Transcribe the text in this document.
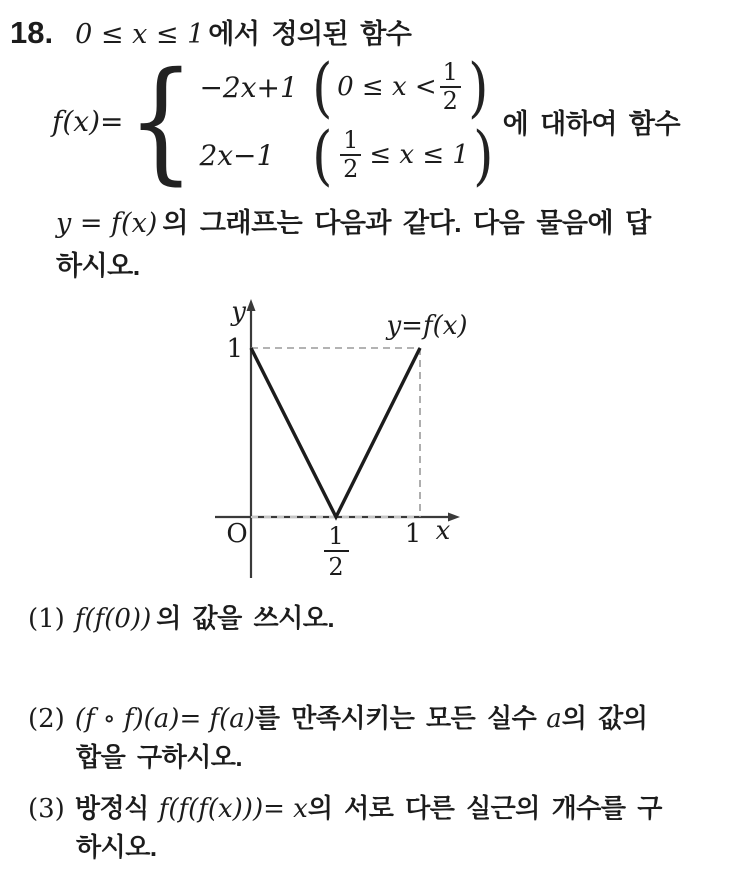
18. 0 ≤ x ≤ 1 에서 정의된 함수
f(x)= { −2x+1 ( $0 \le x < \frac{1}{2}$ )
2x−1 ( $\frac{1}{2} \le x \le 1$ ) 에 대하여 함수
y = f(x) 의 그래프는 다음과 같다. 다음 물음에 답
하시오.
y
1
O	1
2
1 x
y=f(x)
(1) f(f(0)) 의 값을 쓰시오.
(2) (f ∘ f)(a)= f(a) 를 만족시키는 모든 실수 a 의 값의
합을 구하시오.
(3) 방정식 f(f(f(x)))= x 의 서로 다른 실근의 개수를 구
하시오.
